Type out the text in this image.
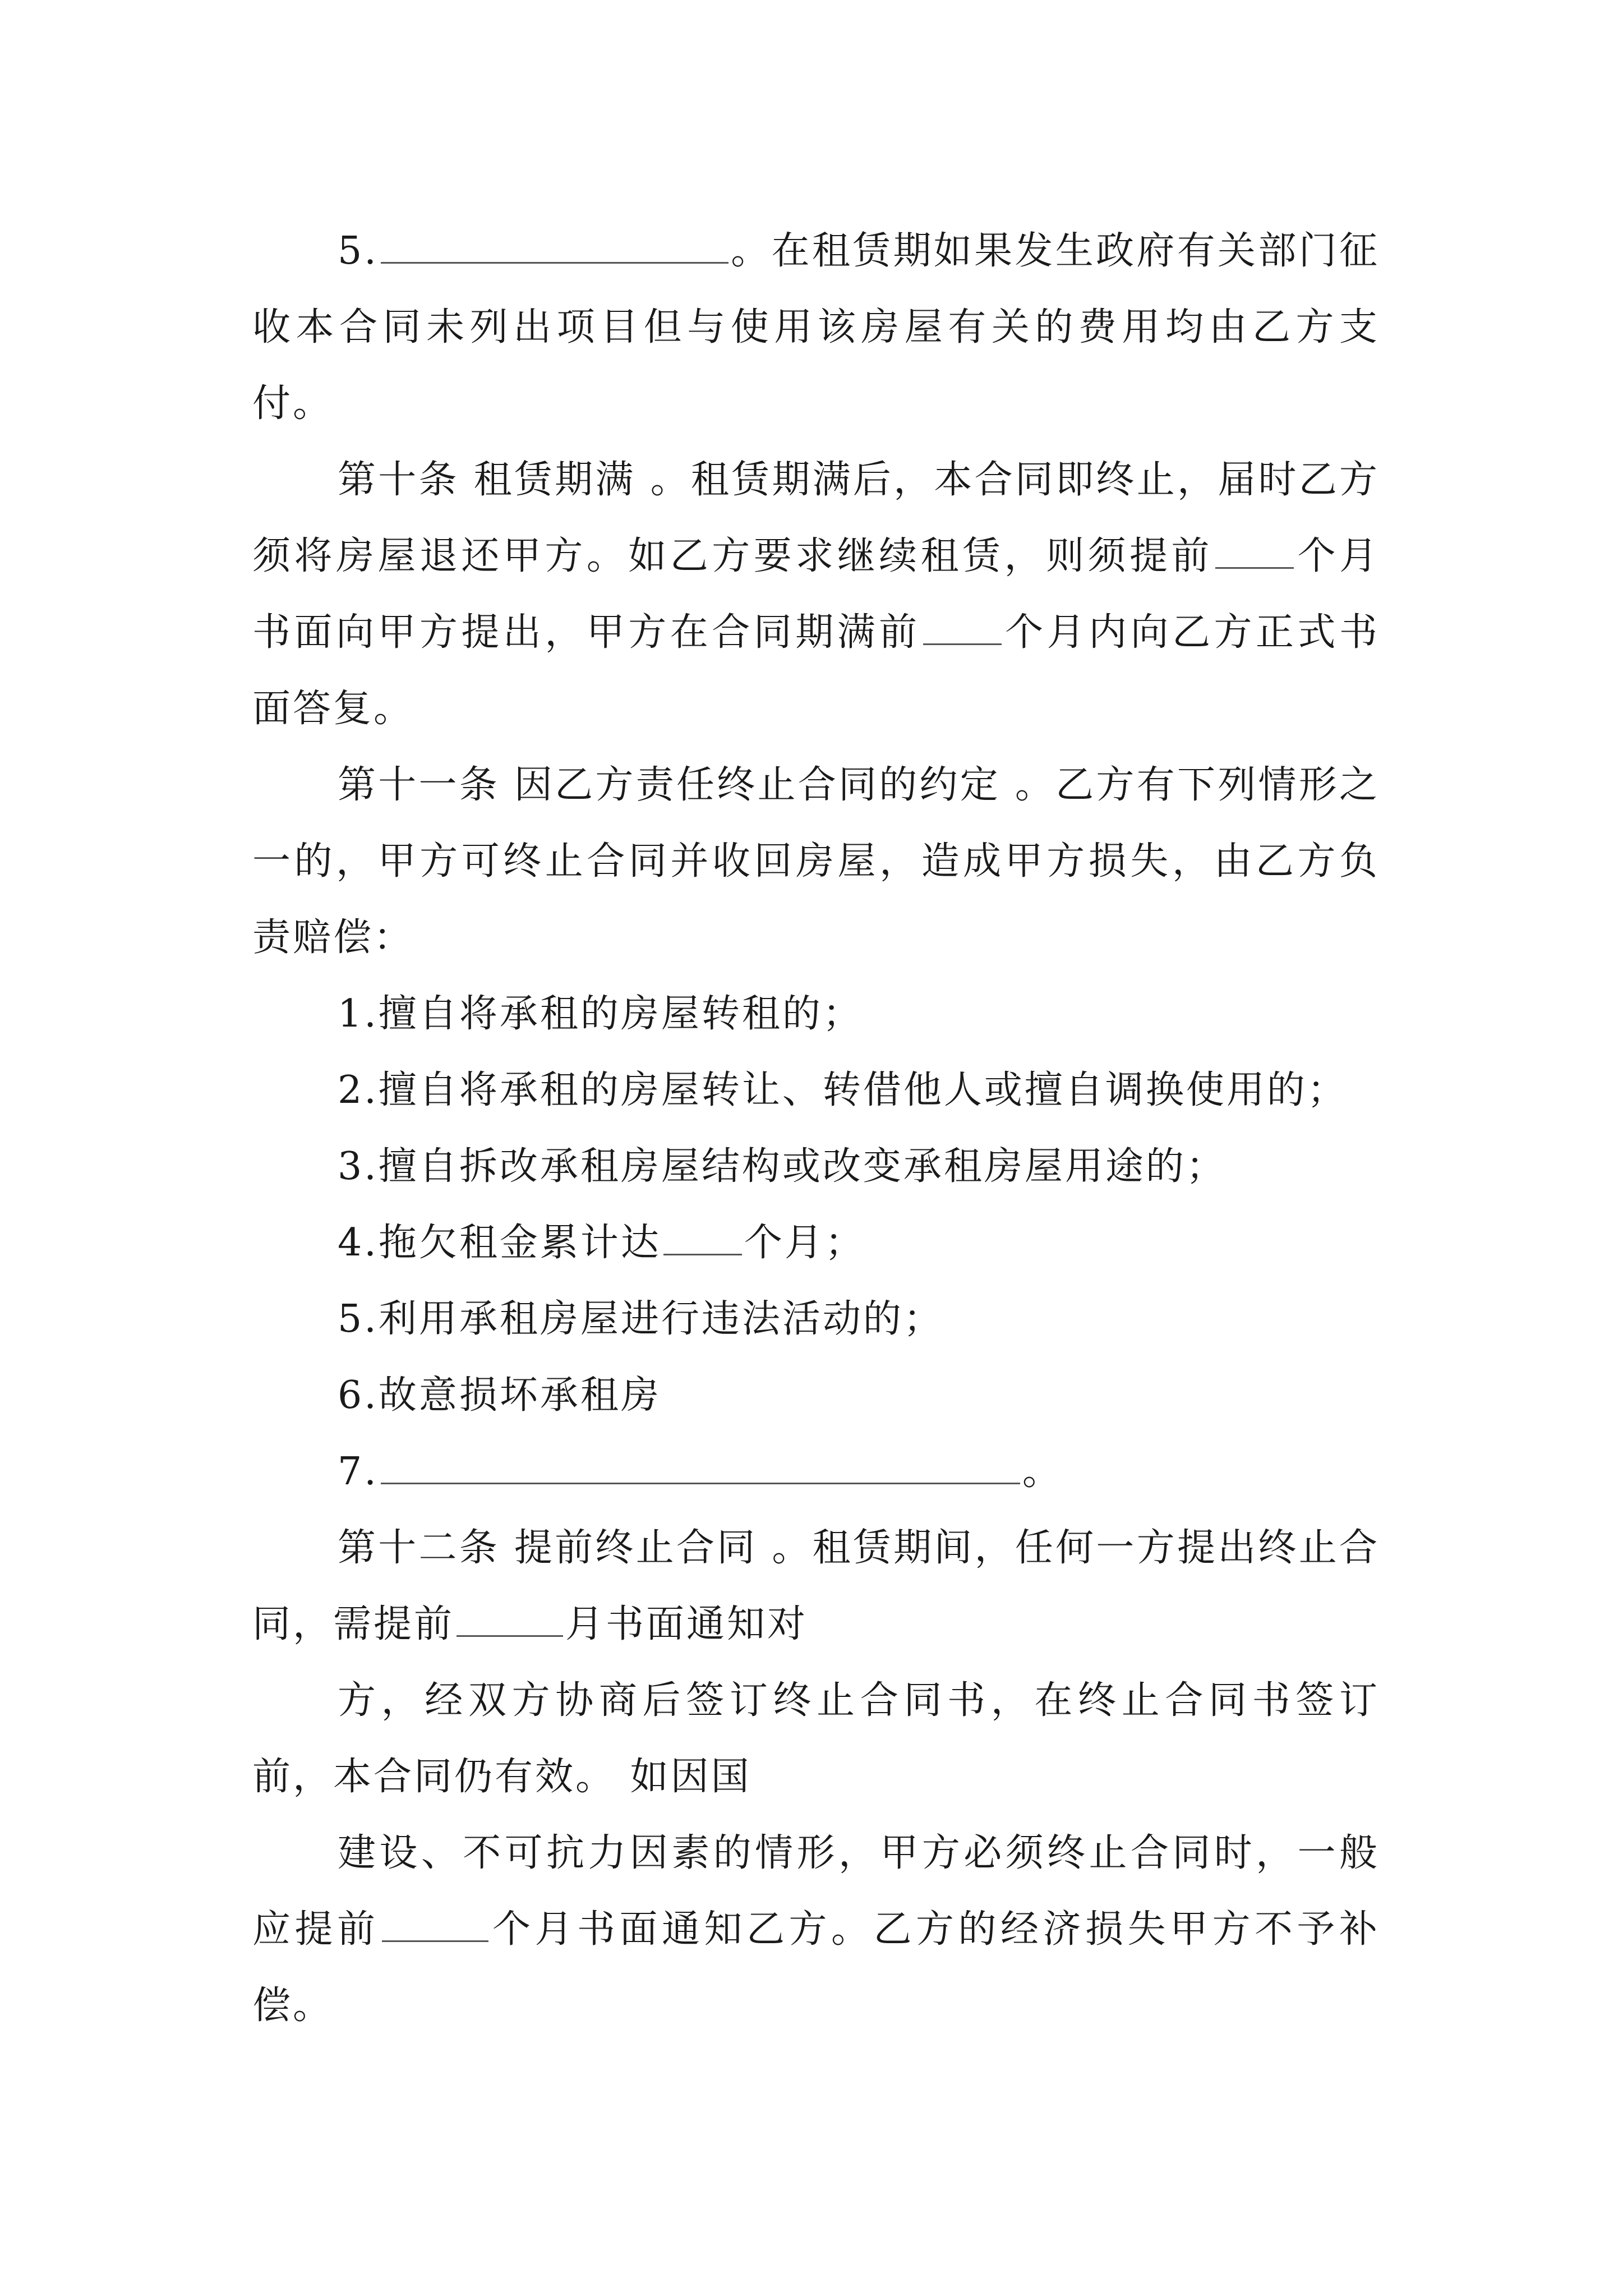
5.	。在租赁期如果发生政府有关部门征收本合同未列出项目但与使用该房屋有关的费用均由乙方支付。

第十条 租赁期满 。租赁期满后，本合同即终止，届时乙方须将房屋退还甲方。如乙方要求继续租赁，则须提前 个月书面向甲方提出，甲方在合同期满前 个月内向乙方正式书面答复。

第十一条 因乙方责任终止合同的约定 。乙方有下列情形之一的，甲方可终止合同并收回房屋，造成甲方损失，由乙方负责赔偿：

1.擅自将承租的房屋转租的；

2.擅自将承租的房屋转让、转借他人或擅自调换使用的；

3.擅自拆改承租房屋结构或改变承租房屋用途的；

4.拖欠租金累计达 个月；

5.利用承租房屋进行违法活动的；

6.故意损坏承租房

7.	。

第十二条 提前终止合同 。租赁期间，任何一方提出终止合同，需提前	月书面通知对

方，经双方协商后签订终止合同书，在终止合同书签订前，本合同仍有效。 如因国

建设、不可抗力因素的情形，甲方必须终止合同时，一般应提前	个月书面通知乙方。乙方的经济损失甲方不予补偿。
